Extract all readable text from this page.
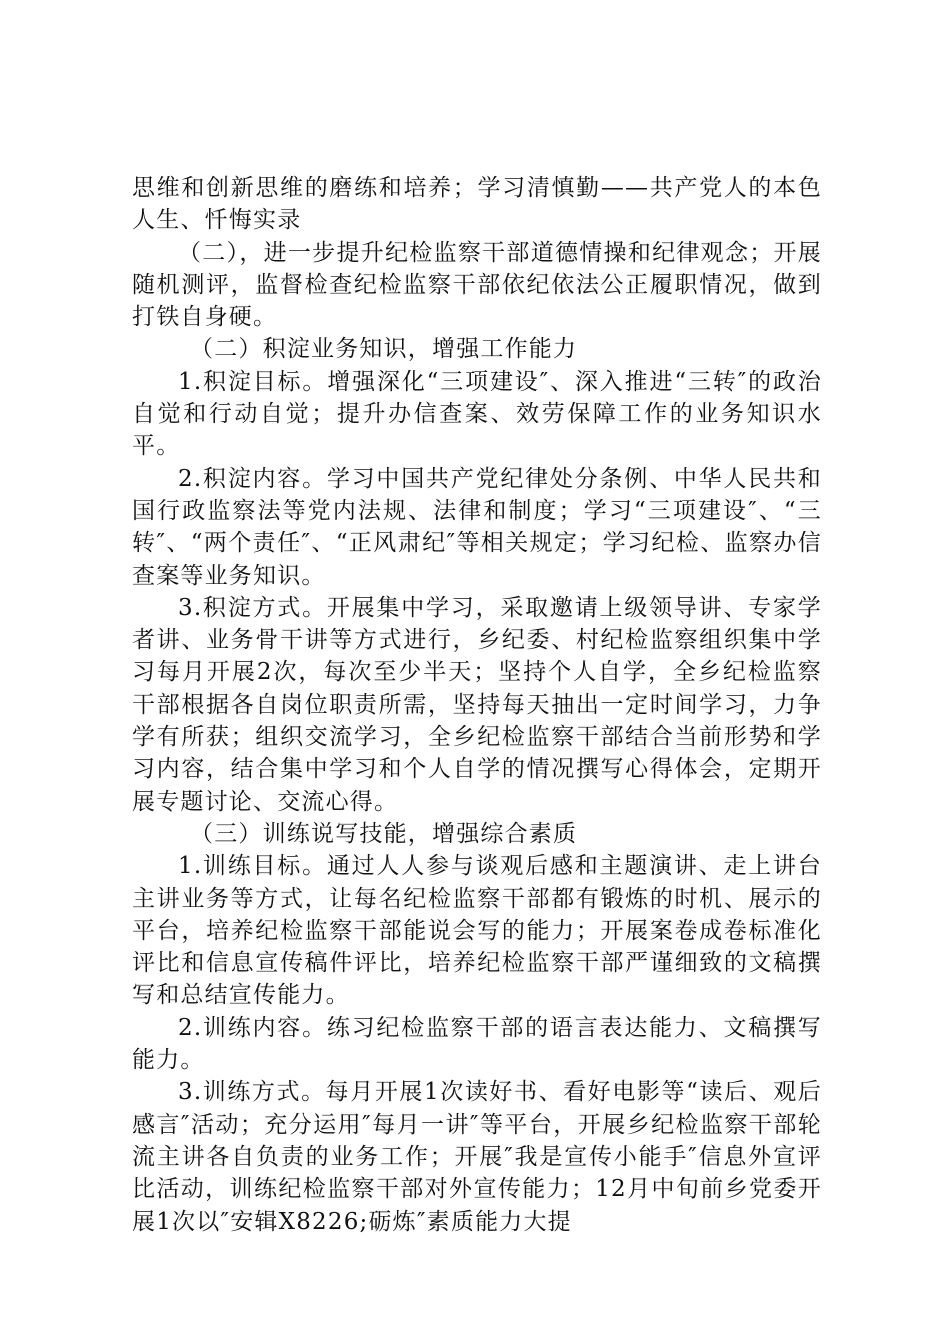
思维和创新思维的磨练和培养；学习清慎勤——共产党人的本色人生、忏悔实录

（二），进一步提升纪检监察干部道德情操和纪律观念；开展随机测评，监督检查纪检监察干部依纪依法公正履职情况，做到打铁自身硬。

（二）积淀业务知识，增强工作能力

1.积淀目标。增强深化“三项建设″、深入推进“三转″的政治自觉和行动自觉；提升办信查案、效劳保障工作的业务知识水平。

2.积淀内容。学习中国共产党纪律处分条例、中华人民共和国行政监察法等党内法规、法律和制度；学习“三项建设″、“三转″、“两个责任″、“正风肃纪″等相关规定；学习纪检、监察办信查案等业务知识。

3.积淀方式。开展集中学习，采取邀请上级领导讲、专家学者讲、业务骨干讲等方式进行，乡纪委、村纪检监察组织集中学习每月开展2次，每次至少半天；坚持个人自学，全乡纪检监察干部根据各自岗位职责所需，坚持每天抽出一定时间学习，力争学有所获；组织交流学习，全乡纪检监察干部结合当前形势和学习内容，结合集中学习和个人自学的情况撰写心得体会，定期开展专题讨论、交流心得。

（三）训练说写技能，增强综合素质

1.训练目标。通过人人参与谈观后感和主题演讲、走上讲台主讲业务等方式，让每名纪检监察干部都有锻炼的时机、展示的平台，培养纪检监察干部能说会写的能力；开展案卷成卷标准化评比和信息宣传稿件评比，培养纪检监察干部严谨细致的文稿撰写和总结宣传能力。

2.训练内容。练习纪检监察干部的语言表达能力、文稿撰写能力。

3.训练方式。每月开展1次读好书、看好电影等“读后、观后感言″活动；充分运用″每月一讲″等平台，开展乡纪检监察干部轮流主讲各自负责的业务工作；开展″我是宣传小能手″信息外宣评比活动，训练纪检监察干部对外宣传能力；12月中旬前乡党委开展1次以″安辑X8226;砺炼″素质能力大提
